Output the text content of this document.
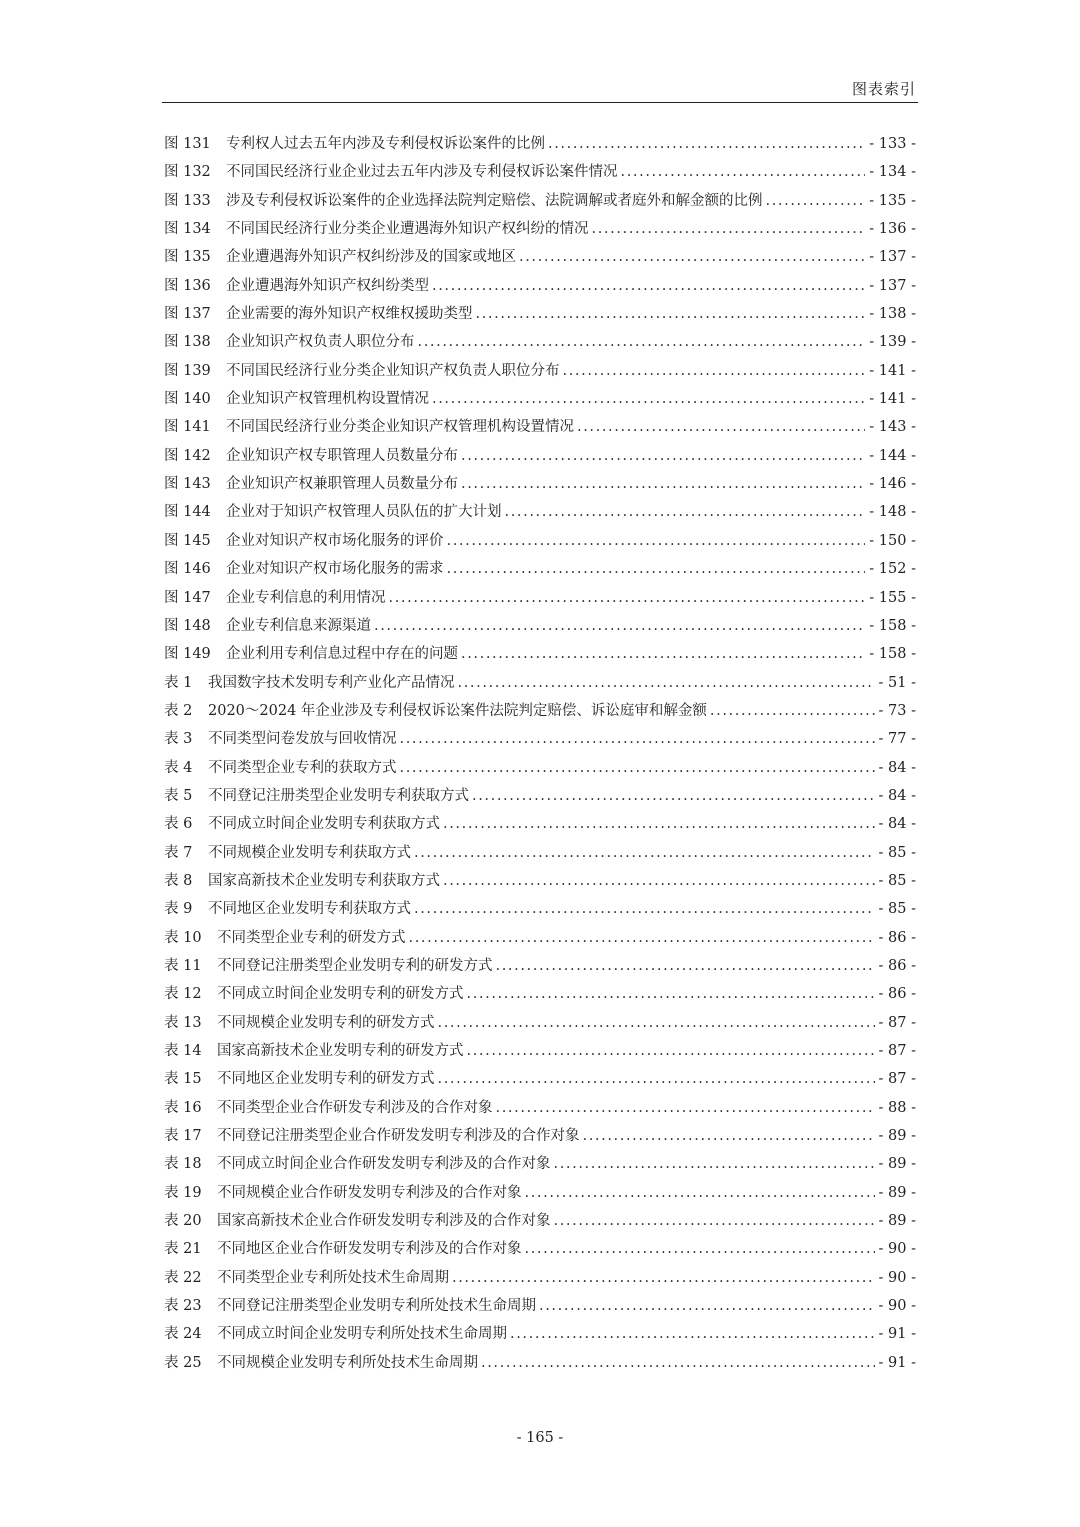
图表索引
图 131	专利权人过去五年内涉及专利侵权诉讼案件的比例 .....	- 133 -
图 132	不同国民经济行业企业过去五年内涉及专利侵权诉讼案件情况 .....	- 134 -
图 133	涉及专利侵权诉讼案件的企业选择法院判定赔偿、法院调解或者庭外和解金额的比例 .....	- 135 -
图 134	不同国民经济行业分类企业遭遇海外知识产权纠纷的情况 .....	- 136 -
图 135	企业遭遇海外知识产权纠纷涉及的国家或地区 .....	- 137 -
图 136	企业遭遇海外知识产权纠纷类型 .....	- 137 -
图 137	企业需要的海外知识产权维权援助类型 .....	- 138 -
图 138	企业知识产权负责人职位分布 .....	- 139 -
图 139	不同国民经济行业分类企业知识产权负责人职位分布 .....	- 141 -
图 140	企业知识产权管理机构设置情况 .....	- 141 -
图 141	不同国民经济行业分类企业知识产权管理机构设置情况 .....	- 143 -
图 142	企业知识产权专职管理人员数量分布 .....	- 144 -
图 143	企业知识产权兼职管理人员数量分布 .....	- 146 -
图 144	企业对于知识产权管理人员队伍的扩大计划 .....	- 148 -
图 145	企业对知识产权市场化服务的评价 .....	- 150 -
图 146	企业对知识产权市场化服务的需求 .....	- 152 -
图 147	企业专利信息的利用情况 .....	- 155 -
图 148	企业专利信息来源渠道 .....	- 158 -
图 149	企业利用专利信息过程中存在的问题 .....	- 158 -
表 1	我国数字技术发明专利产业化产品情况 .....	- 51 -
表 2	2020～2024 年企业涉及专利侵权诉讼案件法院判定赔偿、诉讼庭审和解金额 .....	- 73 -
表 3	不同类型问卷发放与回收情况 .....	- 77 -
表 4	不同类型企业专利的获取方式 .....	- 84 -
表 5	不同登记注册类型企业发明专利获取方式 .....	- 84 -
表 6	不同成立时间企业发明专利获取方式 .....	- 84 -
表 7	不同规模企业发明专利获取方式 .....	- 85 -
表 8	国家高新技术企业发明专利获取方式 .....	- 85 -
表 9	不同地区企业发明专利获取方式 .....	- 85 -
表 10	不同类型企业专利的研发方式 .....	- 86 -
表 11	不同登记注册类型企业发明专利的研发方式 .....	- 86 -
表 12	不同成立时间企业发明专利的研发方式 .....	- 86 -
表 13	不同规模企业发明专利的研发方式 .....	- 87 -
表 14	国家高新技术企业发明专利的研发方式 .....	- 87 -
表 15	不同地区企业发明专利的研发方式 .....	- 87 -
表 16	不同类型企业合作研发专利涉及的合作对象 .....	- 88 -
表 17	不同登记注册类型企业合作研发发明专利涉及的合作对象 .....	- 89 -
表 18	不同成立时间企业合作研发发明专利涉及的合作对象 .....	- 89 -
表 19	不同规模企业合作研发发明专利涉及的合作对象 .....	- 89 -
表 20	国家高新技术企业合作研发发明专利涉及的合作对象 .....	- 89 -
表 21	不同地区企业合作研发发明专利涉及的合作对象 .....	- 90 -
表 22	不同类型企业专利所处技术生命周期 .....	- 90 -
表 23	不同登记注册类型企业发明专利所处技术生命周期 .....	- 90 -
表 24	不同成立时间企业发明专利所处技术生命周期 .....	- 91 -
表 25	不同规模企业发明专利所处技术生命周期 .....	- 91 -
- 165 -
